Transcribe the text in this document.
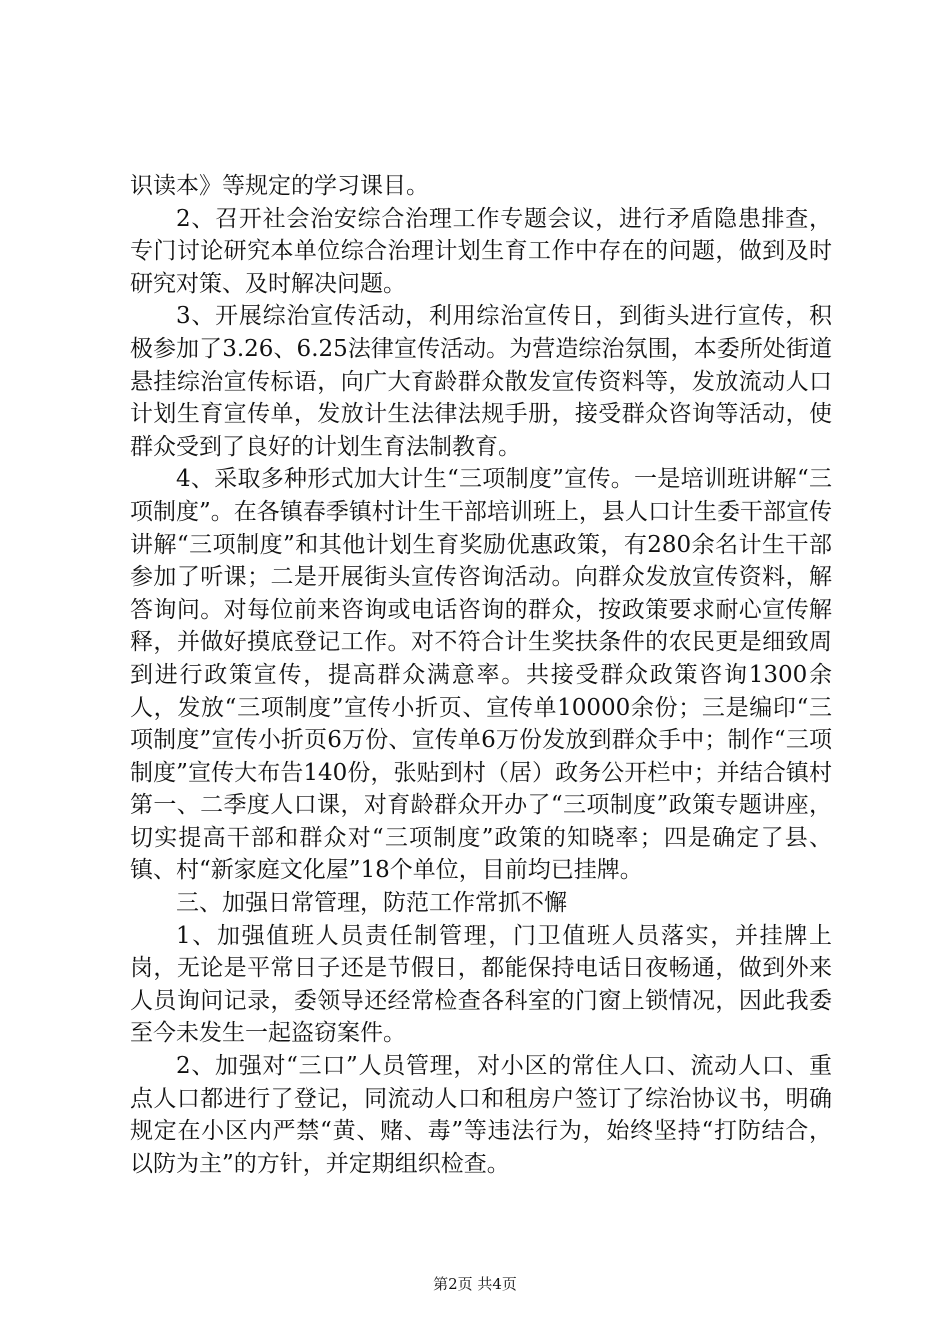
识读本》等规定的学习课目。

2、召开社会治安综合治理工作专题会议，进行矛盾隐患排查，专门讨论研究本单位综合治理计划生育工作中存在的问题，做到及时研究对策、及时解决问题。

3、开展综治宣传活动，利用综治宣传日，到街头进行宣传，积极参加了3.26、6.25法律宣传活动。为营造综治氛围，本委所处街道悬挂综治宣传标语，向广大育龄群众散发宣传资料等，发放流动人口计划生育宣传单，发放计生法律法规手册，接受群众咨询等活动，使群众受到了良好的计划生育法制教育。

4、采取多种形式加大计生“三项制度”宣传。一是培训班讲解“三项制度”。在各镇春季镇村计生干部培训班上，县人口计生委干部宣传讲解“三项制度”和其他计划生育奖励优惠政策，有280余名计生干部参加了听课；二是开展街头宣传咨询活动。向群众发放宣传资料，解答询问。对每位前来咨询或电话咨询的群众，按政策要求耐心宣传解释，并做好摸底登记工作。对不符合计生奖扶条件的农民更是细致周到进行政策宣传，提高群众满意率。共接受群众政策咨询1300余人，发放“三项制度”宣传小折页、宣传单10000余份；三是编印“三项制度”宣传小折页6万份、宣传单6万份发放到群众手中；制作“三项制度”宣传大布告140份，张贴到村（居）政务公开栏中；并结合镇村第一、二季度人口课，对育龄群众开办了“三项制度”政策专题讲座，切实提高干部和群众对“三项制度”政策的知晓率；四是确定了县、镇、村“新家庭文化屋”18个单位，目前均已挂牌。

三、加强日常管理，防范工作常抓不懈

1、加强值班人员责任制管理，门卫值班人员落实，并挂牌上岗，无论是平常日子还是节假日，都能保持电话日夜畅通，做到外来人员询问记录，委领导还经常检查各科室的门窗上锁情况，因此我委至今未发生一起盗窃案件。

2、加强对“三口”人员管理，对小区的常住人口、流动人口、重点人口都进行了登记，同流动人口和租房户签订了综治协议书，明确规定在小区内严禁“黄、赌、毒”等违法行为，始终坚持“打防结合，以防为主”的方针，并定期组织检查。

第2页 共4页
